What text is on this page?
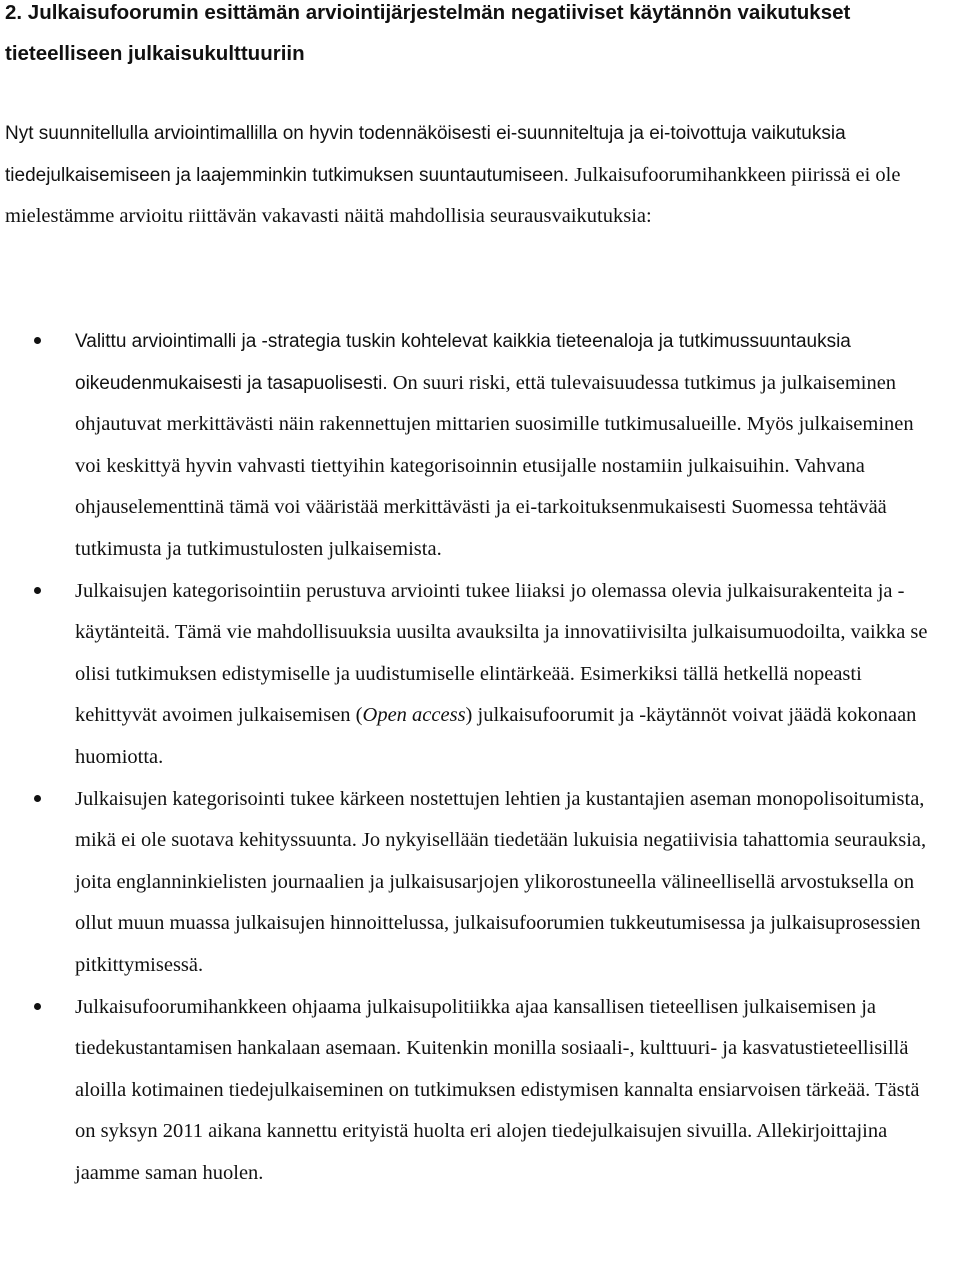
2. Julkaisufoorumin esittämän arviointijärjestelmän negatiiviset käytännön vaikutukset
tieteelliseen julkaisukulttuuriin

Nyt suunnitellulla arviointimallilla on hyvin todennäköisesti ei-suunniteltuja ja ei-toivottuja vaikutuksia tiedejulkaisemiseen ja laajemminkin tutkimuksen suuntautumiseen. Julkaisufoorumihankkeen piirissä ei ole mielestämme arvioitu riittävän vakavasti näitä mahdollisia seurausvaikutuksia:

Valittu arviointimalli ja -strategia tuskin kohtelevat kaikkia tieteenaloja ja tutkimussuuntauksia oikeudenmukaisesti ja tasapuolisesti. On suuri riski, että tulevaisuudessa tutkimus ja julkaiseminen ohjautuvat merkittävästi näin rakennettujen mittarien suosimille tutkimusalueille. Myös julkaiseminen voi keskittyä hyvin vahvasti tiettyihin kategorisoinnin etusijalle nostamiin julkaisuihin. Vahvana ohjauselementtinä tämä voi vääristää merkittävästi ja ei-tarkoituksenmukaisesti Suomessa tehtävää tutkimusta ja tutkimustulosten julkaisemista.
Julkaisujen kategorisointiin perustuva arviointi tukee liiaksi jo olemassa olevia julkaisurakenteita ja -käytänteitä. Tämä vie mahdollisuuksia uusilta avauksilta ja innovatiivisilta julkaisumuodoilta, vaikka se olisi tutkimuksen edistymiselle ja uudistumiselle elintärkeää. Esimerkiksi tällä hetkellä nopeasti kehittyvät avoimen julkaisemisen (Open access) julkaisufoorumit ja -käytännöt voivat jäädä kokonaan huomiotta.
Julkaisujen kategorisointi tukee kärkeen nostettujen lehtien ja kustantajien aseman monopolisoitumista, mikä ei ole suotava kehityssuunta. Jo nykyisellään tiedetään lukuisia negatiivisia tahattomia seurauksia, joita englanninkielisten journaalien ja julkaisusarjojen ylikorostuneella välineellisellä arvostuksella on ollut muun muassa julkaisujen hinnoittelussa, julkaisufoorumien tukkeutumisessa ja julkaisuprosessien pitkittymisessä.
Julkaisufoorumihankkeen ohjaama julkaisupolitiikka ajaa kansallisen tieteellisen julkaisemisen ja tiedekustantamisen hankalaan asemaan. Kuitenkin monilla sosiaali-, kulttuuri- ja kasvatustieteellisillä aloilla kotimainen tiedejulkaiseminen on tutkimuksen edistymisen kannalta ensiarvoisen tärkeää. Tästä on syksyn 2011 aikana kannettu erityistä huolta eri alojen tiedejulkaisujen sivuilla. Allekirjoittajina jaamme saman huolen.
